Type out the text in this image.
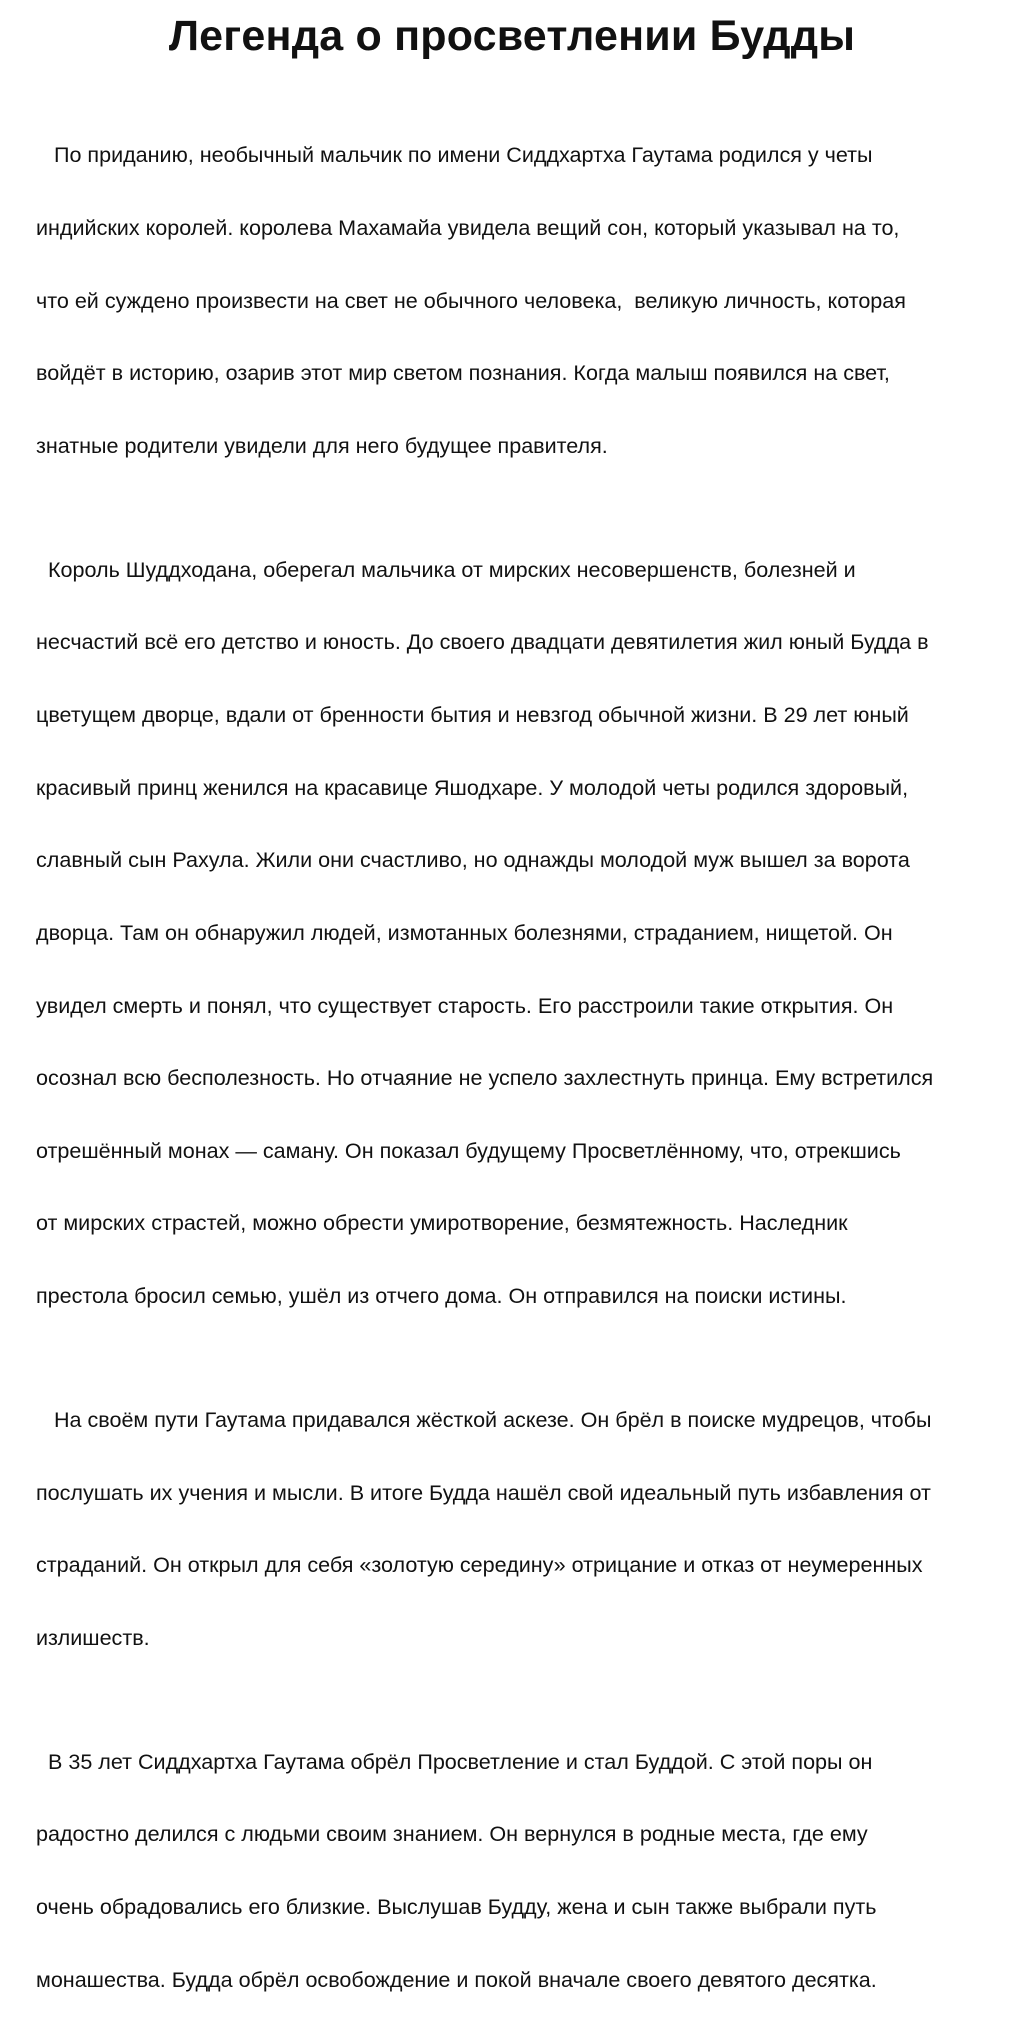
Легенда о просветлении Будды

По приданию, необычный мальчик по имени Сиддхартха Гаутама родился у четы

индийских королей. королева Махамайа увидела вещий сон, который указывал на то,

что ей суждено произвести на свет не обычного человека,  великую личность, которая

войдёт в историю, озарив этот мир светом познания. Когда малыш появился на свет,

знатные родители увидели для него будущее правителя.

Король Шуддходана, оберегал мальчика от мирских несовершенств, болезней и

несчастий всё его детство и юность. До своего двадцати девятилетия жил юный Будда в

цветущем дворце, вдали от бренности бытия и невзгод обычной жизни. В 29 лет юный

красивый принц женился на красавице Яшодхаре. У молодой четы родился здоровый,

славный сын Рахула. Жили они счастливо, но однажды молодой муж вышел за ворота

дворца. Там он обнаружил людей, измотанных болезнями, страданием, нищетой. Он

увидел смерть и понял, что существует старость. Его расстроили такие открытия. Он

осознал всю бесполезность. Но отчаяние не успело захлестнуть принца. Ему встретился

отрешённый монах — саману. Он показал будущему Просветлённому, что, отрекшись

от мирских страстей, можно обрести умиротворение, безмятежность. Наследник

престола бросил семью, ушёл из отчего дома. Он отправился на поиски истины.

На своём пути Гаутама придавался жёсткой аскезе. Он брёл в поиске мудрецов, чтобы

послушать их учения и мысли. В итоге Будда нашёл свой идеальный путь избавления от

страданий. Он открыл для себя «золотую середину» отрицание и отказ от неумеренных

излишеств.

В 35 лет Сиддхартха Гаутама обрёл Просветление и стал Буддой. С этой поры он

радостно делился с людьми своим знанием. Он вернулся в родные места, где ему

очень обрадовались его близкие. Выслушав Будду, жена и сын также выбрали путь

монашества. Будда обрёл освобождение и покой вначале своего девятого десятка.
